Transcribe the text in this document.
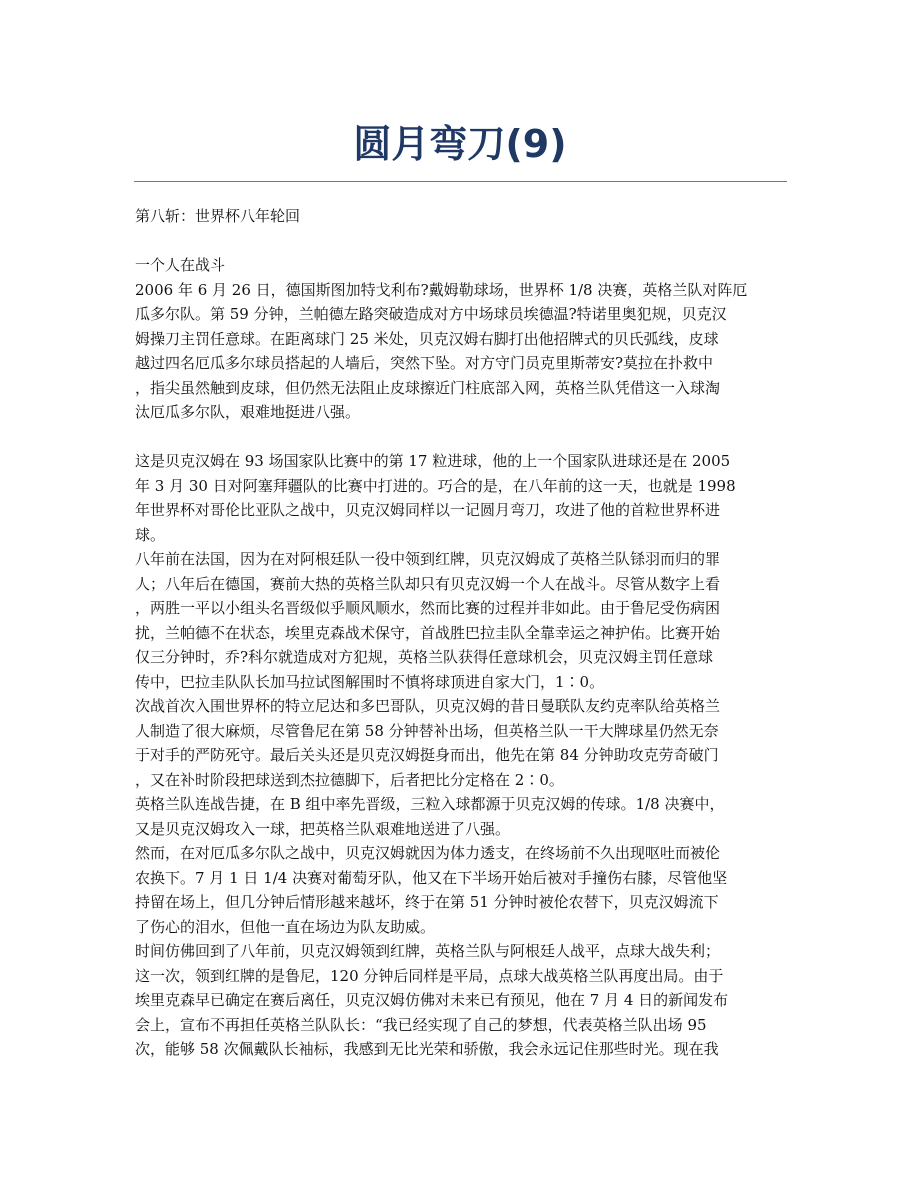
圆月弯刀(9)
第八斩：世界杯八年轮回
一个人在战斗
2006 年 6 月 26 日，德国斯图加特戈利布?戴姆勒球场，世界杯 1/8 决赛，英格兰队对阵厄
瓜多尔队。第 59 分钟，兰帕德左路突破造成对方中场球员埃德温?特诺里奥犯规，贝克汉
姆操刀主罚任意球。在距离球门 25 米处，贝克汉姆右脚打出他招牌式的贝氏弧线，皮球
越过四名厄瓜多尔球员搭起的人墙后，突然下坠。对方守门员克里斯蒂安?莫拉在扑救中
，指尖虽然触到皮球，但仍然无法阻止皮球擦近门柱底部入网，英格兰队凭借这一入球淘
汰厄瓜多尔队，艰难地挺进八强。
这是贝克汉姆在 93 场国家队比赛中的第 17 粒进球，他的上一个国家队进球还是在 2005
年 3 月 30 日对阿塞拜疆队的比赛中打进的。巧合的是，在八年前的这一天，也就是 1998
年世界杯对哥伦比亚队之战中，贝克汉姆同样以一记圆月弯刀，攻进了他的首粒世界杯进
球。
八年前在法国，因为在对阿根廷队一役中领到红牌，贝克汉姆成了英格兰队铩羽而归的罪
人；八年后在德国，赛前大热的英格兰队却只有贝克汉姆一个人在战斗。尽管从数字上看
，两胜一平以小组头名晋级似乎顺风顺水，然而比赛的过程并非如此。由于鲁尼受伤病困
扰，兰帕德不在状态，埃里克森战术保守，首战胜巴拉圭队全靠幸运之神护佑。比赛开始
仅三分钟时，乔?科尔就造成对方犯规，英格兰队获得任意球机会，贝克汉姆主罚任意球
传中，巴拉圭队队长加马拉试图解围时不慎将球顶进自家大门，1∶0。
次战首次入围世界杯的特立尼达和多巴哥队，贝克汉姆的昔日曼联队友约克率队给英格兰
人制造了很大麻烦，尽管鲁尼在第 58 分钟替补出场，但英格兰队一干大牌球星仍然无奈
于对手的严防死守。最后关头还是贝克汉姆挺身而出，他先在第 84 分钟助攻克劳奇破门
，又在补时阶段把球送到杰拉德脚下，后者把比分定格在 2∶0。
英格兰队连战告捷，在 B 组中率先晋级，三粒入球都源于贝克汉姆的传球。1/8 决赛中，
又是贝克汉姆攻入一球，把英格兰队艰难地送进了八强。
然而，在对厄瓜多尔队之战中，贝克汉姆就因为体力透支，在终场前不久出现呕吐而被伦
农换下。7 月 1 日 1/4 决赛对葡萄牙队，他又在下半场开始后被对手撞伤右膝，尽管他坚
持留在场上，但几分钟后情形越来越坏，终于在第 51 分钟时被伦农替下，贝克汉姆流下
了伤心的泪水，但他一直在场边为队友助威。
时间仿佛回到了八年前，贝克汉姆领到红牌，英格兰队与阿根廷人战平，点球大战失利；
这一次，领到红牌的是鲁尼，120 分钟后同样是平局，点球大战英格兰队再度出局。由于
埃里克森早已确定在赛后离任，贝克汉姆仿佛对未来已有预见，他在 7 月 4 日的新闻发布
会上，宣布不再担任英格兰队队长：“我已经实现了自己的梦想，代表英格兰队出场 95
次，能够 58 次佩戴队长袖标，我感到无比光荣和骄傲，我会永远记住那些时光。现在我
